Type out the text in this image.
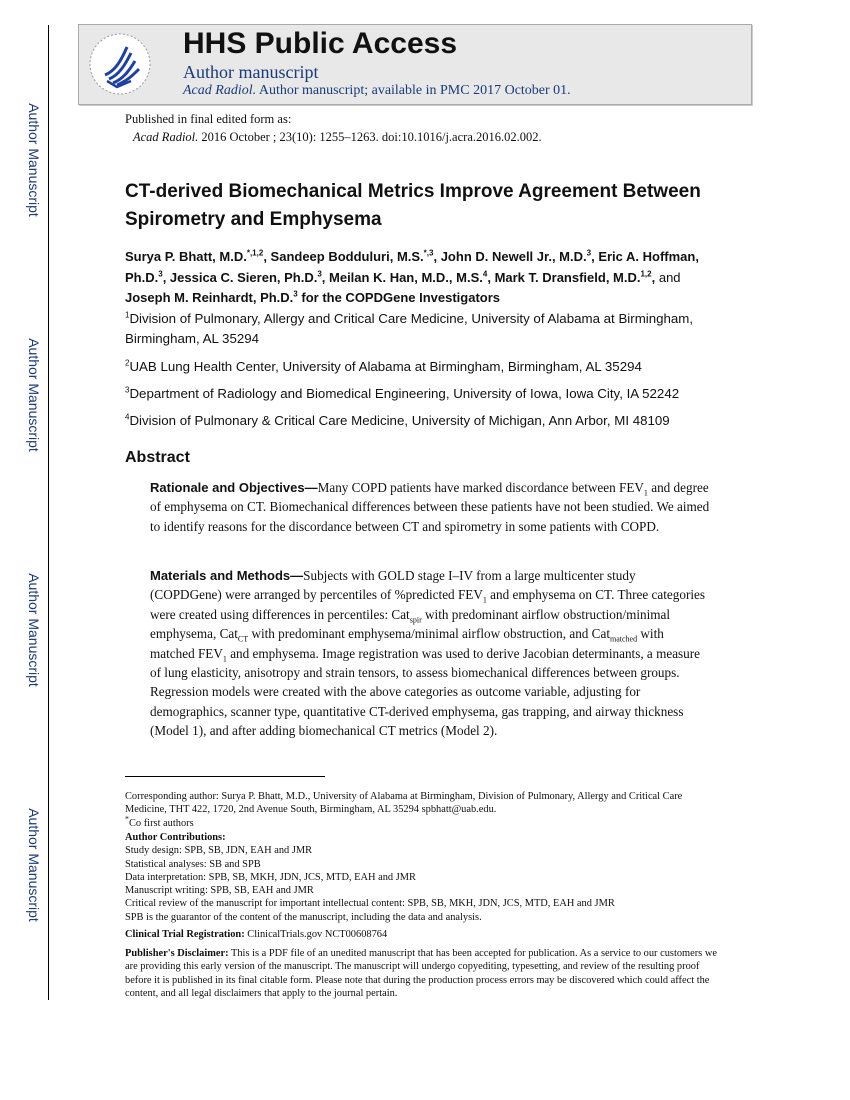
Author Manuscript
Author Manuscript
Author Manuscript
Author Manuscript
HHS Public Access
Author manuscript
Acad Radiol. Author manuscript; available in PMC 2017 October 01.
Published in final edited form as:
Acad Radiol. 2016 October ; 23(10): 1255–1263. doi:10.1016/j.acra.2016.02.002.
CT-derived Biomechanical Metrics Improve Agreement Between Spirometry and Emphysema
Surya P. Bhatt, M.D.$^{*,1,2}$, Sandeep Bodduluri, M.S.$^{*,3}$, John D. Newell Jr., M.D.$^3$, Eric A. Hoffman, Ph.D.$^3$, Jessica C. Sieren, Ph.D.$^3$, Meilan K. Han, M.D., M.S.$^4$, Mark T. Dransfield, M.D.$^{1,2}$, and Joseph M. Reinhardt, Ph.D.$^3$ for the COPDGene Investigators
$^1$Division of Pulmonary, Allergy and Critical Care Medicine, University of Alabama at Birmingham, Birmingham, AL 35294
$^2$UAB Lung Health Center, University of Alabama at Birmingham, Birmingham, AL 35294
$^3$Department of Radiology and Biomedical Engineering, University of Iowa, Iowa City, IA 52242
$^4$Division of Pulmonary & Critical Care Medicine, University of Michigan, Ann Arbor, MI 48109
Abstract
Rationale and Objectives—Many COPD patients have marked discordance between $FEV_1$ and degree of emphysema on CT. Biomechanical differences between these patients have not been studied. We aimed to identify reasons for the discordance between CT and spirometry in some patients with COPD.
Materials and Methods—Subjects with GOLD stage I–IV from a large multicenter study (COPDGene) were arranged by percentiles of %predicted $FEV_1$ and emphysema on CT. Three categories were created using differences in percentiles: Cat$_{spir}$ with predominant airflow obstruction/minimal emphysema, Cat$_{CT}$ with predominant emphysema/minimal airflow obstruction, and Cat$_{matched}$ with matched $FEV_1$ and emphysema. Image registration was used to derive Jacobian determinants, a measure of lung elasticity, anisotropy and strain tensors, to assess biomechanical differences between groups. Regression models were created with the above categories as outcome variable, adjusting for demographics, scanner type, quantitative CT-derived emphysema, gas trapping, and airway thickness (Model 1), and after adding biomechanical CT metrics (Model 2).
Corresponding author: Surya P. Bhatt, M.D., University of Alabama at Birmingham, Division of Pulmonary, Allergy and Critical Care Medicine, THT 422, 1720, 2nd Avenue South, Birmingham, AL 35294 spbhatt@uab.edu.
*Co first authors
Author Contributions:
Study design: SPB, SB, JDN, EAH and JMR
Statistical analyses: SB and SPB
Data interpretation: SPB, SB, MKH, JDN, JCS, MTD, EAH and JMR
Manuscript writing: SPB, SB, EAH and JMR
Critical review of the manuscript for important intellectual content: SPB, SB, MKH, JDN, JCS, MTD, EAH and JMR
SPB is the guarantor of the content of the manuscript, including the data and analysis.
Clinical Trial Registration: ClinicalTrials.gov NCT00608764
Publisher's Disclaimer: This is a PDF file of an unedited manuscript that has been accepted for publication. As a service to our customers we are providing this early version of the manuscript. The manuscript will undergo copyediting, typesetting, and review of the resulting proof before it is published in its final citable form. Please note that during the production process errors may be discovered which could affect the content, and all legal disclaimers that apply to the journal pertain.
